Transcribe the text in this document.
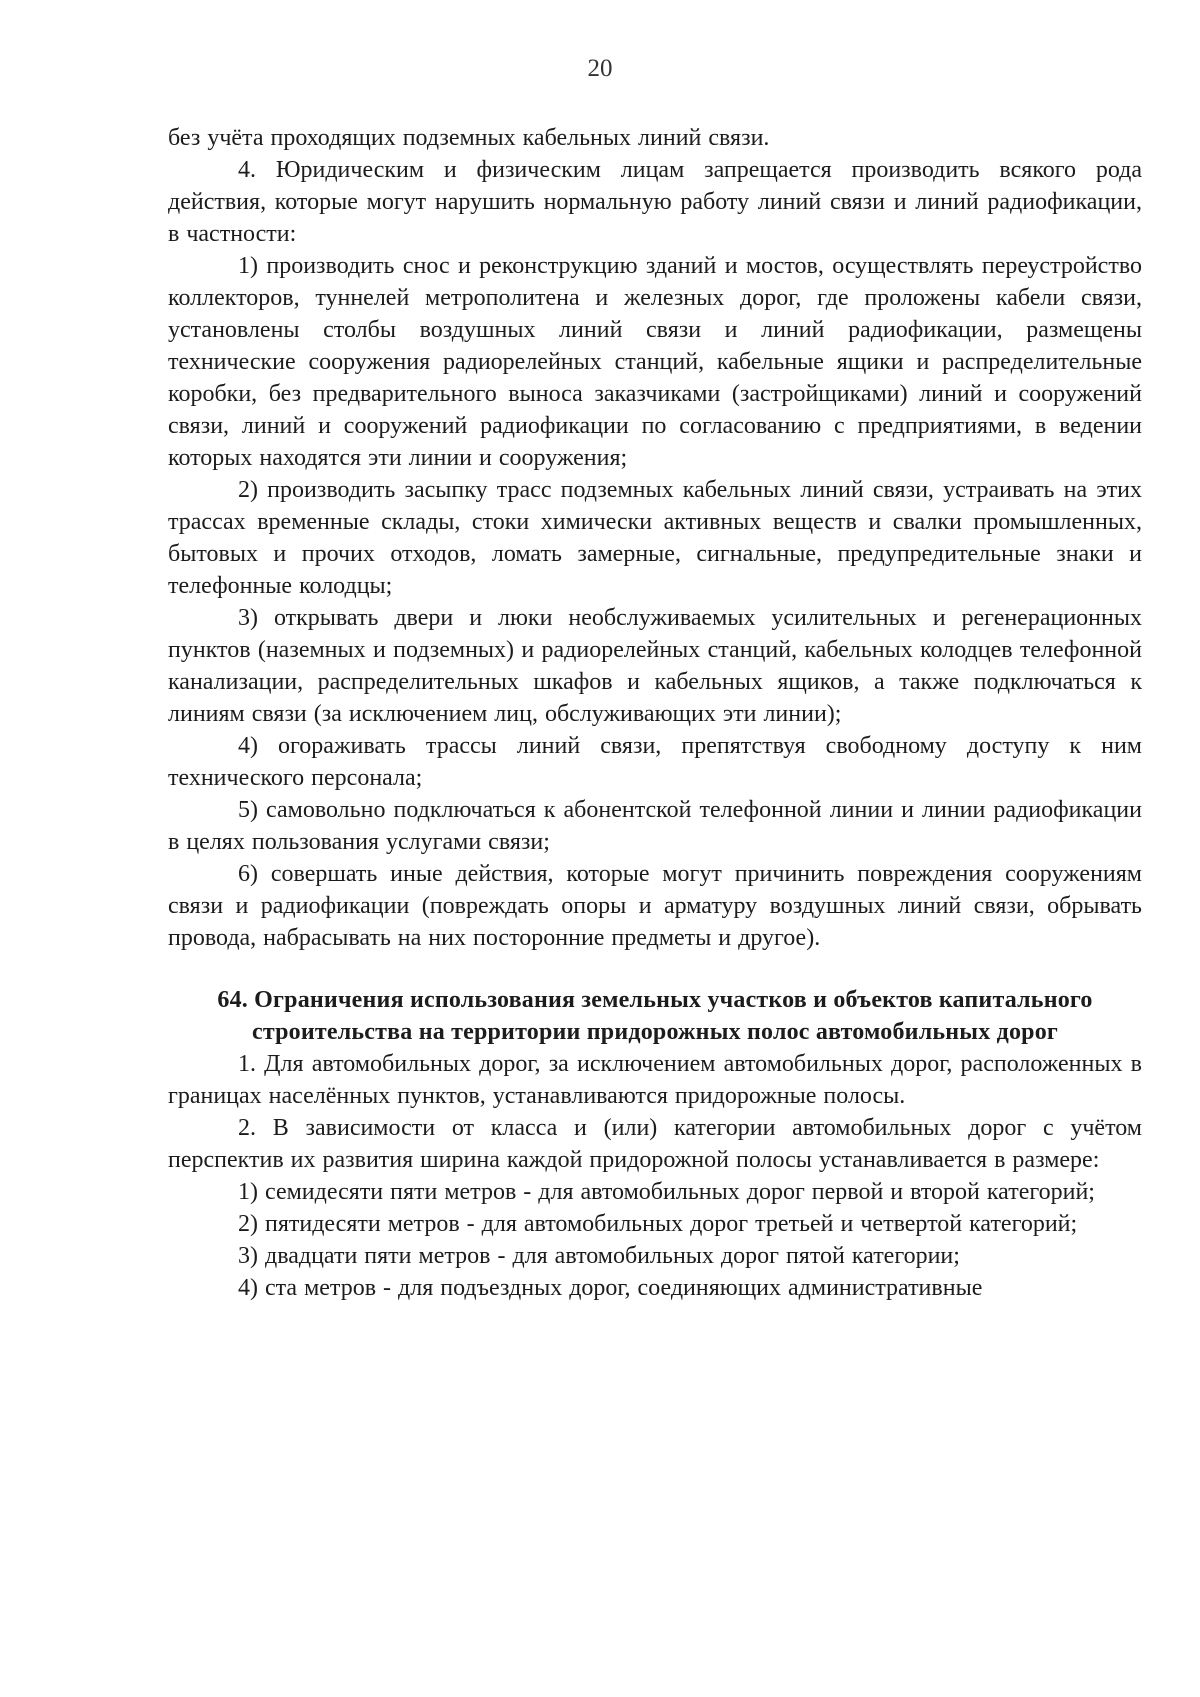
20

без учёта проходящих подземных кабельных линий связи.

4. Юридическим и физическим лицам запрещается производить всякого рода действия, которые могут нарушить нормальную работу линий связи и линий радиофикации, в частности:

1) производить снос и реконструкцию зданий и мостов, осуществлять переустройство коллекторов, туннелей метрополитена и железных дорог, где проложены кабели связи, установлены столбы воздушных линий связи и линий радиофикации, размещены технические сооружения радиорелейных станций, кабельные ящики и распределительные коробки, без предварительного выноса заказчиками (застройщиками) линий и сооружений связи, линий и сооружений радиофикации по согласованию с предприятиями, в ведении которых находятся эти линии и сооружения;

2) производить засыпку трасс подземных кабельных линий связи, устраивать на этих трассах временные склады, стоки химически активных веществ и свалки промышленных, бытовых и прочих отходов, ломать замерные, сигнальные, предупредительные знаки и телефонные колодцы;

3) открывать двери и люки необслуживаемых усилительных и регенерационных пунктов (наземных и подземных) и радиорелейных станций, кабельных колодцев телефонной канализации, распределительных шкафов и кабельных ящиков, а также подключаться к линиям связи (за исключением лиц, обслуживающих эти линии);

4) огораживать трассы линий связи, препятствуя свободному доступу к ним технического персонала;

5) самовольно подключаться к абонентской телефонной линии и линии радиофикации в целях пользования услугами связи;

6) совершать иные действия, которые могут причинить повреждения сооружениям связи и радиофикации (повреждать опоры и арматуру воздушных линий связи, обрывать провода, набрасывать на них посторонние предметы и другое).

64. Ограничения использования земельных участков и объектов капитального строительства на территории придорожных полос автомобильных дорог

1. Для автомобильных дорог, за исключением автомобильных дорог, расположенных в границах населённых пунктов, устанавливаются придорожные полосы.

2. В зависимости от класса и (или) категории автомобильных дорог с учётом перспектив их развития ширина каждой придорожной полосы устанавливается в размере:

1) семидесяти пяти метров - для автомобильных дорог первой и второй категорий;

2) пятидесяти метров - для автомобильных дорог третьей и четвертой категорий;

3) двадцати пяти метров - для автомобильных дорог пятой категории;

4) ста метров - для подъездных дорог, соединяющих административные
